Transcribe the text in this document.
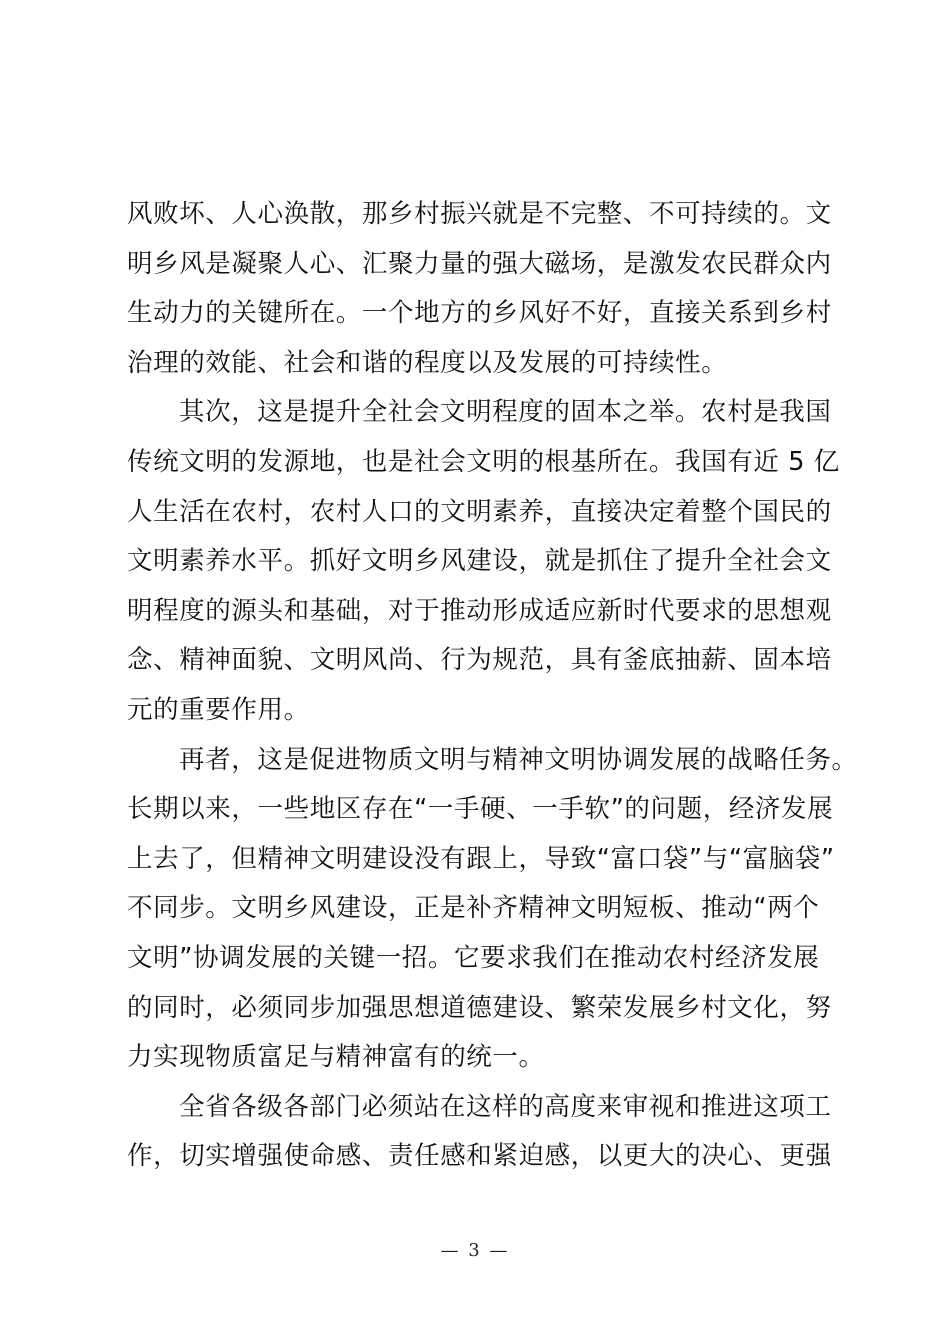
风败坏、人心涣散，那乡村振兴就是不完整、不可持续的。文
明乡风是凝聚人心、汇聚力量的强大磁场，是激发农民群众内
生动力的关键所在。一个地方的乡风好不好，直接关系到乡村
治理的效能、社会和谐的程度以及发展的可持续性。
其次，这是提升全社会文明程度的固本之举。农村是我国
传统文明的发源地，也是社会文明的根基所在。我国有近 5 亿
人生活在农村，农村人口的文明素养，直接决定着整个国民的
文明素养水平。抓好文明乡风建设，就是抓住了提升全社会文
明程度的源头和基础，对于推动形成适应新时代要求的思想观
念、精神面貌、文明风尚、行为规范，具有釜底抽薪、固本培
元的重要作用。
再者，这是促进物质文明与精神文明协调发展的战略任务。
长期以来，一些地区存在“一手硬、一手软”的问题，经济发展
上去了，但精神文明建设没有跟上，导致“富口袋”与“富脑袋”
不同步。文明乡风建设，正是补齐精神文明短板、推动“两个
文明”协调发展的关键一招。它要求我们在推动农村经济发展
的同时，必须同步加强思想道德建设、繁荣发展乡村文化，努
力实现物质富足与精神富有的统一。
全省各级各部门必须站在这样的高度来审视和推进这项工
作，切实增强使命感、责任感和紧迫感，以更大的决心、更强
— 3 —
